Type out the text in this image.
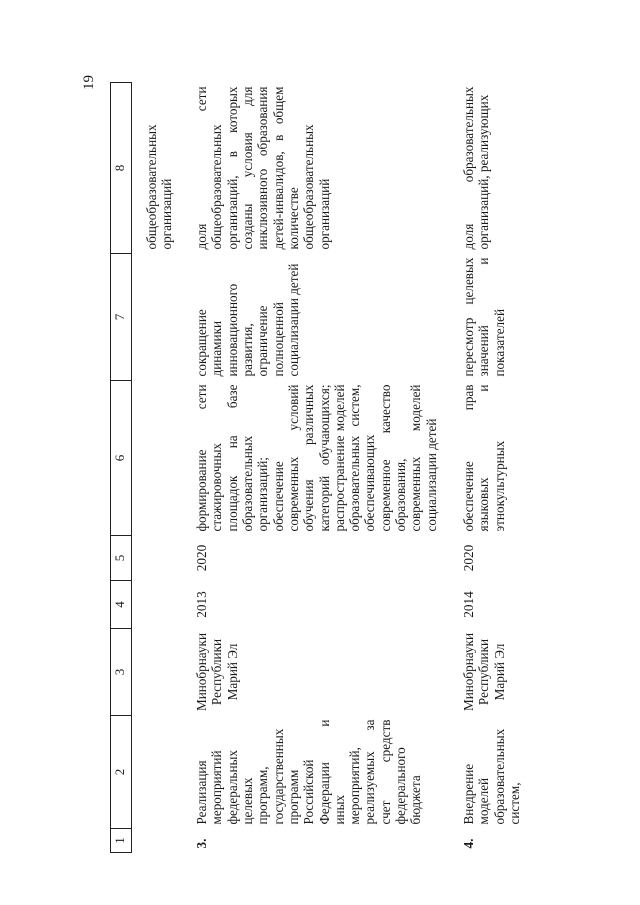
19
1	2	3	4	5	6	7	8

							общеобразовательных организаций
3.	Реализация мероприятий федеральных целевых программ, государственных программ Российской Федерации и иных мероприятий, реализуемых за счет средств федерального бюджета	Минобрнауки Республики Марий Эл	2013	2020	формирование сети стажировочных площадок на базе образовательных организаций; обеспечение современных условий обучения различных категорий обучающихся; распространение моделей образовательных систем, обеспечивающих современное качество образования, современных моделей социализации детей	сокращение динамики инновационного развития, ограничение полноценной социализации детей	доля сети общеобразовательных организаций, в которых созданы условия для инклюзивного образования детей-инвалидов, в общем количестве общеобразовательных организаций

4.	Внедрение моделей образовательных систем,	Минобрнауки Республики Марий Эл	2014	2020	обеспечение прав языковых и этнокультурных	пересмотр целевых значений и показателей	доля образовательных организаций, реализующих
